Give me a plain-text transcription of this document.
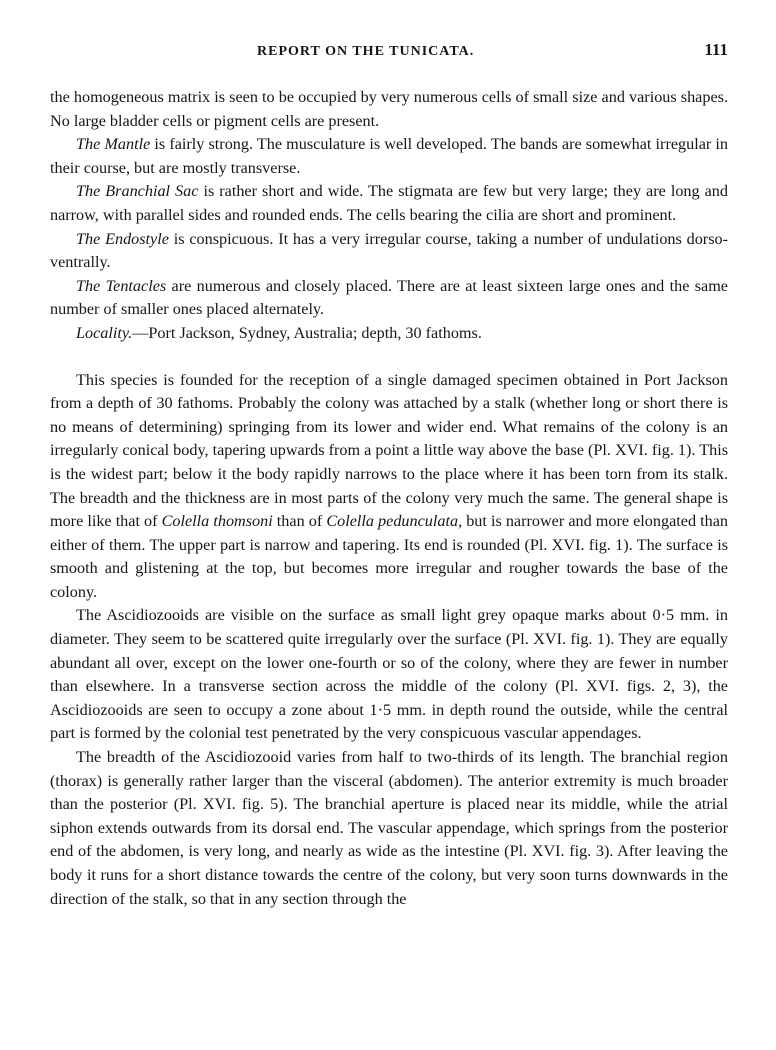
REPORT ON THE TUNICATA.	111

the homogeneous matrix is seen to be occupied by very numerous cells of small size and various shapes. No large bladder cells or pigment cells are present.

The Mantle is fairly strong. The musculature is well developed. The bands are somewhat irregular in their course, but are mostly transverse.

The Branchial Sac is rather short and wide. The stigmata are few but very large; they are long and narrow, with parallel sides and rounded ends. The cells bearing the cilia are short and prominent.

The Endostyle is conspicuous. It has a very irregular course, taking a number of undulations dorso-ventrally.

The Tentacles are numerous and closely placed. There are at least sixteen large ones and the same number of smaller ones placed alternately.

Locality.—Port Jackson, Sydney, Australia; depth, 30 fathoms.

This species is founded for the reception of a single damaged specimen obtained in Port Jackson from a depth of 30 fathoms. Probably the colony was attached by a stalk (whether long or short there is no means of determining) springing from its lower and wider end. What remains of the colony is an irregularly conical body, tapering upwards from a point a little way above the base (Pl. XVI. fig. 1). This is the widest part; below it the body rapidly narrows to the place where it has been torn from its stalk. The breadth and the thickness are in most parts of the colony very much the same. The general shape is more like that of Colella thomsoni than of Colella pedunculata, but is narrower and more elongated than either of them. The upper part is narrow and tapering. Its end is rounded (Pl. XVI. fig. 1). The surface is smooth and glistening at the top, but becomes more irregular and rougher towards the base of the colony.

The Ascidiozooids are visible on the surface as small light grey opaque marks about 0·5 mm. in diameter. They seem to be scattered quite irregularly over the surface (Pl. XVI. fig. 1). They are equally abundant all over, except on the lower one-fourth or so of the colony, where they are fewer in number than elsewhere. In a transverse section across the middle of the colony (Pl. XVI. figs. 2, 3), the Ascidiozooids are seen to occupy a zone about 1·5 mm. in depth round the outside, while the central part is formed by the colonial test penetrated by the very conspicuous vascular appendages.

The breadth of the Ascidiozooid varies from half to two-thirds of its length. The branchial region (thorax) is generally rather larger than the visceral (abdomen). The anterior extremity is much broader than the posterior (Pl. XVI. fig. 5). The branchial aperture is placed near its middle, while the atrial siphon extends outwards from its dorsal end. The vascular appendage, which springs from the posterior end of the abdomen, is very long, and nearly as wide as the intestine (Pl. XVI. fig. 3). After leaving the body it runs for a short distance towards the centre of the colony, but very soon turns downwards in the direction of the stalk, so that in any section through the
